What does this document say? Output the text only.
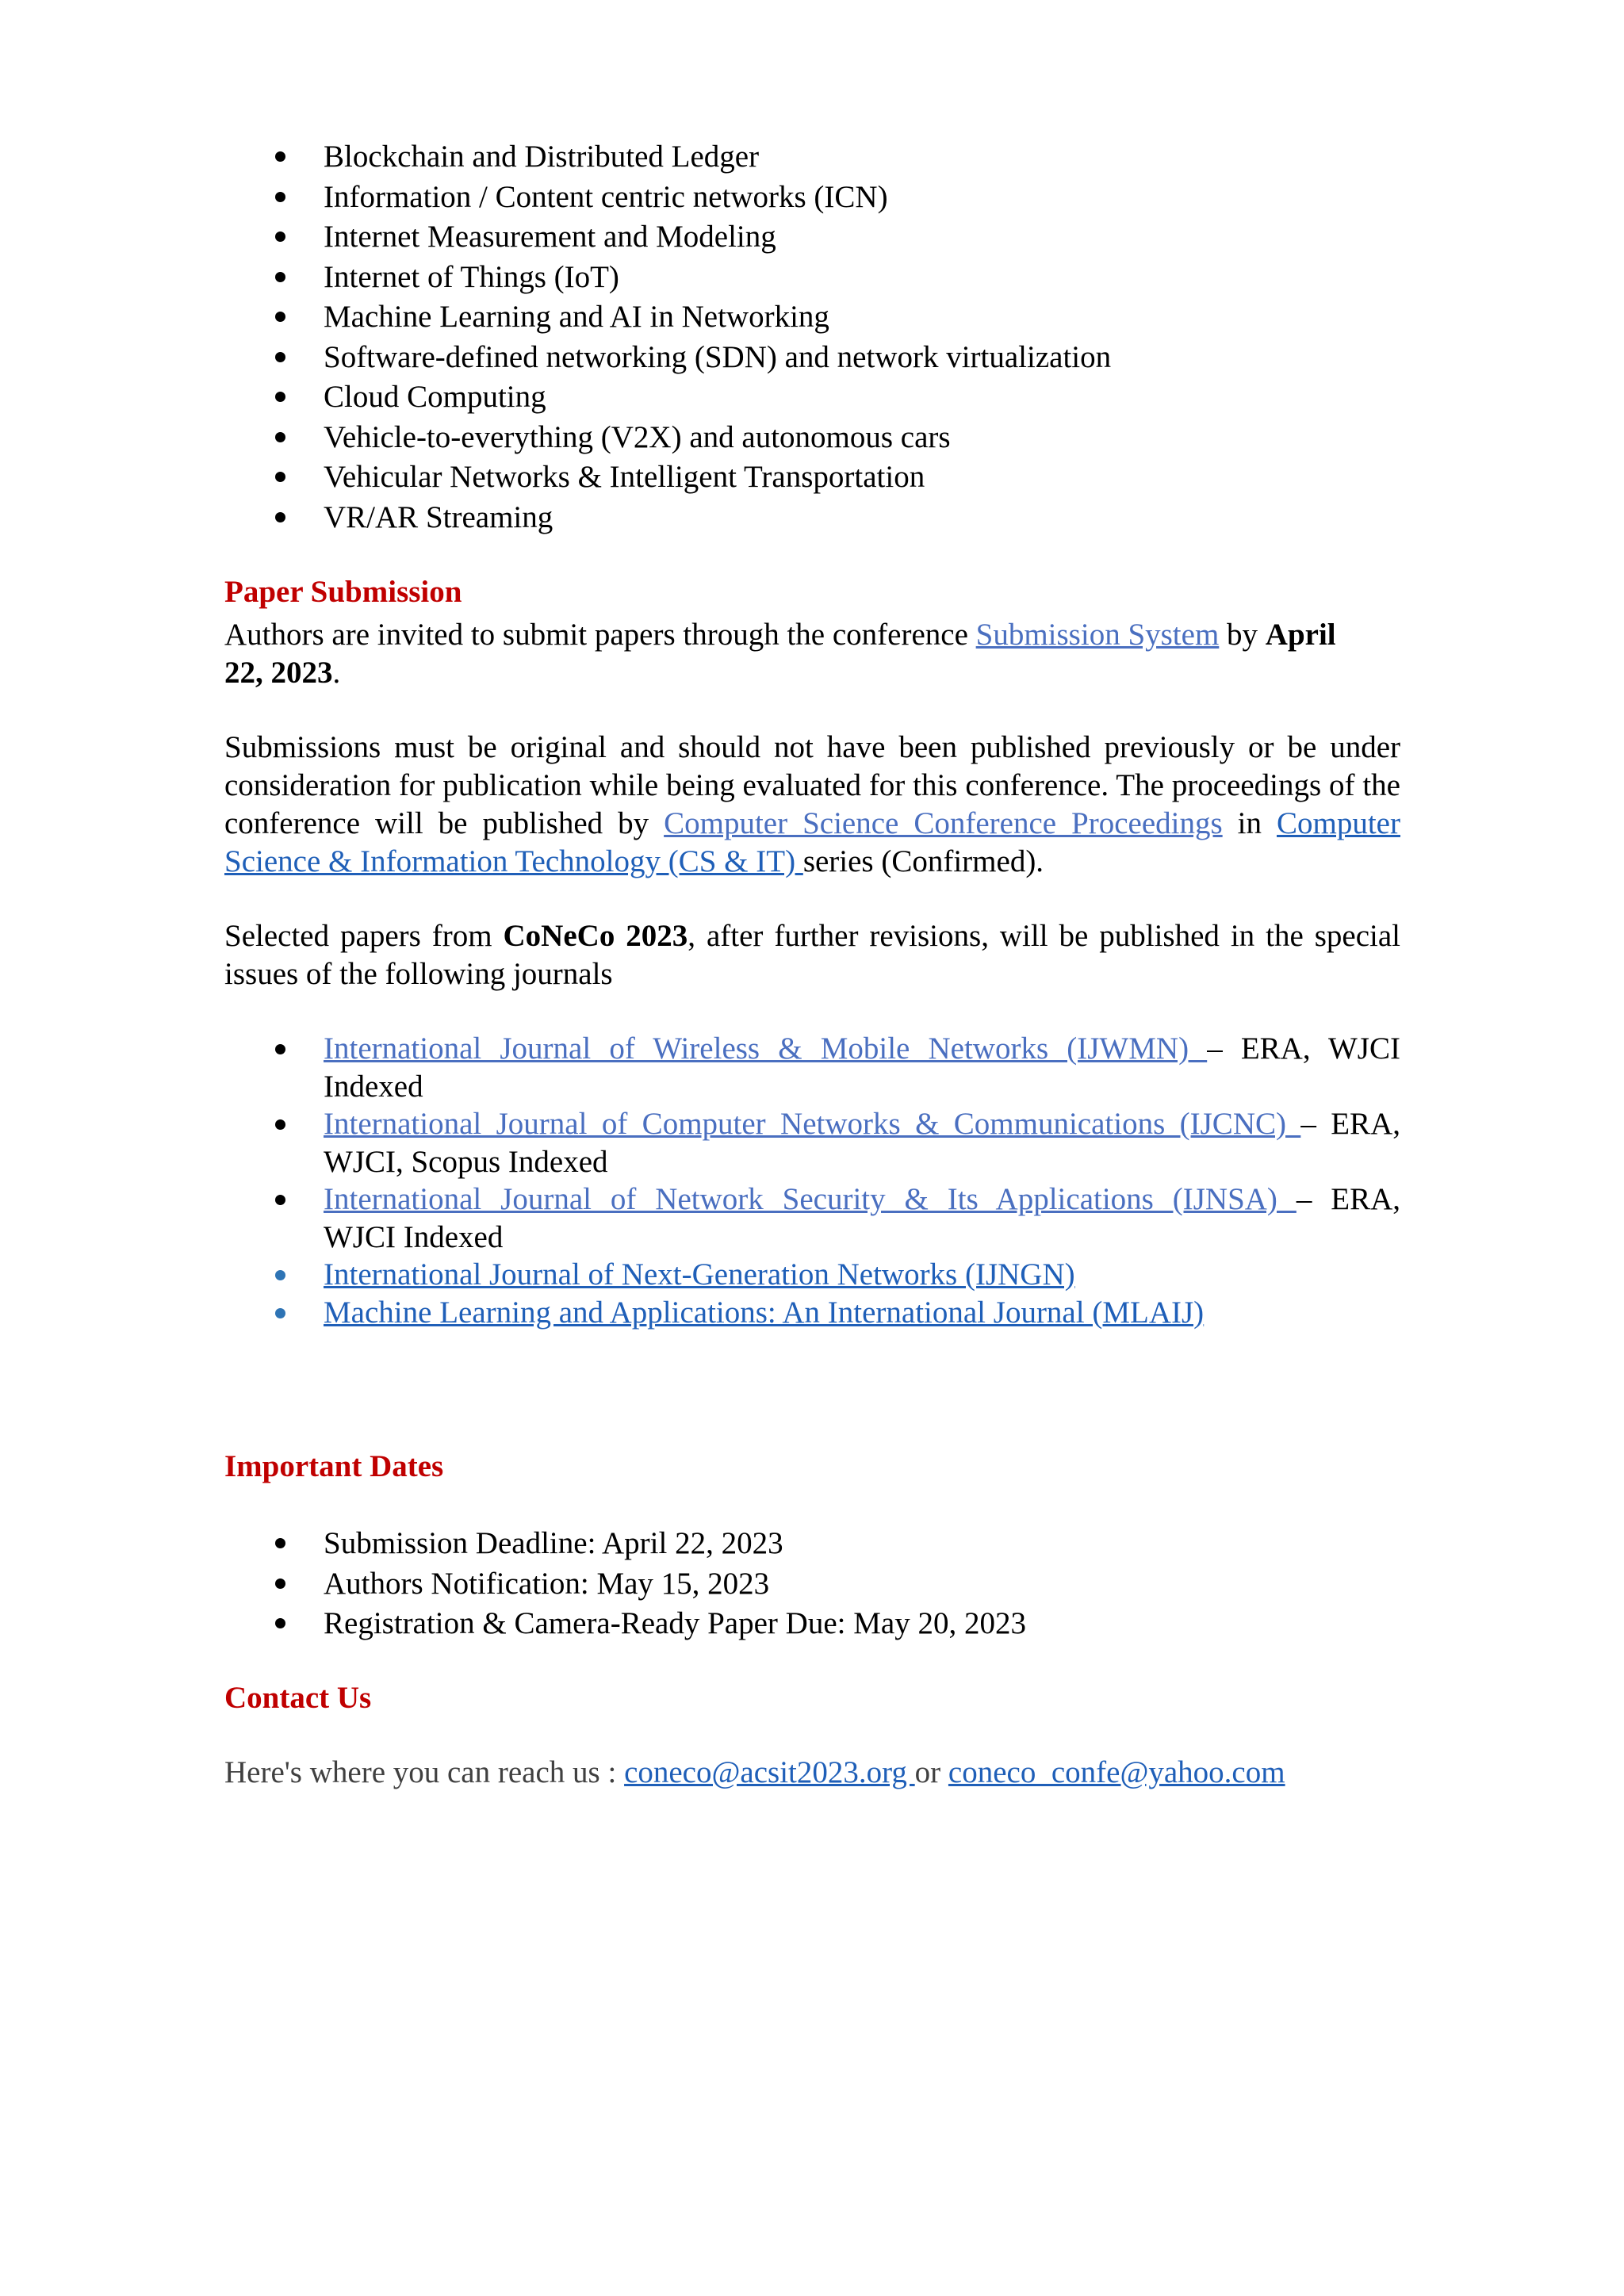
Blockchain and Distributed Ledger
Information / Content centric networks (ICN)
Internet Measurement and Modeling
Internet of Things (IoT)
Machine Learning and AI in Networking
Software-defined networking (SDN) and network virtualization
Cloud Computing
Vehicle-to-everything (V2X) and autonomous cars
Vehicular Networks & Intelligent Transportation
VR/AR Streaming
Paper Submission

Authors are invited to submit papers through the conference Submission System by April
22, 2023.

Submissions must be original and should not have been published previously or be under consideration for publication while being evaluated for this conference. The proceedings of the conference will be published by Computer Science Conference Proceedings in Computer Science & Information Technology (CS & IT) series (Confirmed).

Selected papers from CoNeCo 2023, after further revisions, will be published in the special issues of the following journals

International Journal of Wireless & Mobile Networks (IJWMN) – ERA, WJCI
Indexed
International Journal of Computer Networks & Communications (IJCNC) – ERA,
WJCI, Scopus Indexed
International Journal of Network Security & Its Applications (IJNSA) – ERA,
WJCI Indexed
International Journal of Next-Generation Networks (IJNGN)
Machine Learning and Applications: An International Journal (MLAIJ)
Important Dates
Submission Deadline: April 22, 2023
Authors Notification: May 15, 2023
Registration & Camera-Ready Paper Due: May 20, 2023
Contact Us

Here's where you can reach us : coneco@acsit2023.org or coneco_confe@yahoo.com
